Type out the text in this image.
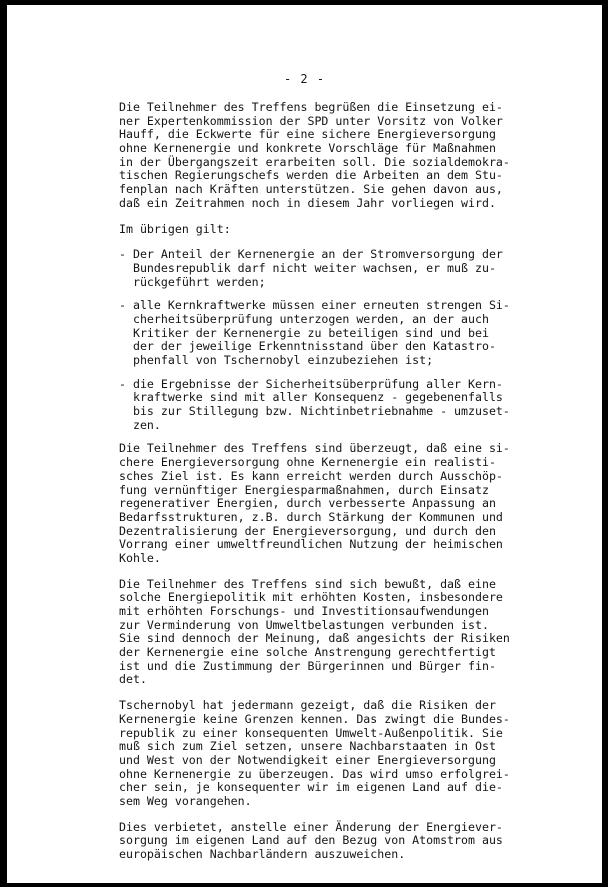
- 2 -
Die Teilnehmer des Treffens begrüßen die Einsetzung ei-
ner Expertenkommission der SPD unter Vorsitz von Volker
Hauff, die Eckwerte für eine sichere Energieversorgung
ohne Kernenergie und konkrete Vorschläge für Maßnahmen
in der Übergangszeit erarbeiten soll. Die sozialdemokra-
tischen Regierungschefs werden die Arbeiten an dem Stu-
fenplan nach Kräften unterstützen. Sie gehen davon aus,
daß ein Zeitrahmen noch in diesem Jahr vorliegen wird.
Im übrigen gilt:
- Der Anteil der Kernenergie an der Stromversorgung der
Bundesrepublik darf nicht weiter wachsen, er muß zu-
rückgeführt werden;
- alle Kernkraftwerke müssen einer erneuten strengen Si-
cherheitsüberprüfung unterzogen werden, an der auch
Kritiker der Kernenergie zu beteiligen sind und bei
der der jeweilige Erkenntnisstand über den Katastro-
phenfall von Tschernobyl einzubeziehen ist;
- die Ergebnisse der Sicherheitsüberprüfung aller Kern-
kraftwerke sind mit aller Konsequenz - gegebenenfalls
bis zur Stillegung bzw. Nichtinbetriebnahme - umzuset-
zen.
Die Teilnehmer des Treffens sind überzeugt, daß eine si-
chere Energieversorgung ohne Kernenergie ein realisti-
sches Ziel ist. Es kann erreicht werden durch Ausschöp-
fung vernünftiger Energiesparmaßnahmen, durch Einsatz
regenerativer Energien, durch verbesserte Anpassung an
Bedarfsstrukturen, z.B. durch Stärkung der Kommunen und
Dezentralisierung der Energieversorgung, und durch den
Vorrang einer umweltfreundlichen Nutzung der heimischen
Kohle.
Die Teilnehmer des Treffens sind sich bewußt, daß eine
solche Energiepolitik mit erhöhten Kosten, insbesondere
mit erhöhten Forschungs- und Investitionsaufwendungen
zur Verminderung von Umweltbelastungen verbunden ist.
Sie sind dennoch der Meinung, daß angesichts der Risiken
der Kernenergie eine solche Anstrengung gerechtfertigt
ist und die Zustimmung der Bürgerinnen und Bürger fin-
det.
Tschernobyl hat jedermann gezeigt, daß die Risiken der
Kernenergie keine Grenzen kennen. Das zwingt die Bundes-
republik zu einer konsequenten Umwelt-Außenpolitik. Sie
muß sich zum Ziel setzen, unsere Nachbarstaaten in Ost
und West von der Notwendigkeit einer Energieversorgung
ohne Kernenergie zu überzeugen. Das wird umso erfolgrei-
cher sein, je konsequenter wir im eigenen Land auf die-
sem Weg vorangehen.
Dies verbietet, anstelle einer Änderung der Energiever-
sorgung im eigenen Land auf den Bezug von Atomstrom aus
europäischen Nachbarländern auszuweichen.
